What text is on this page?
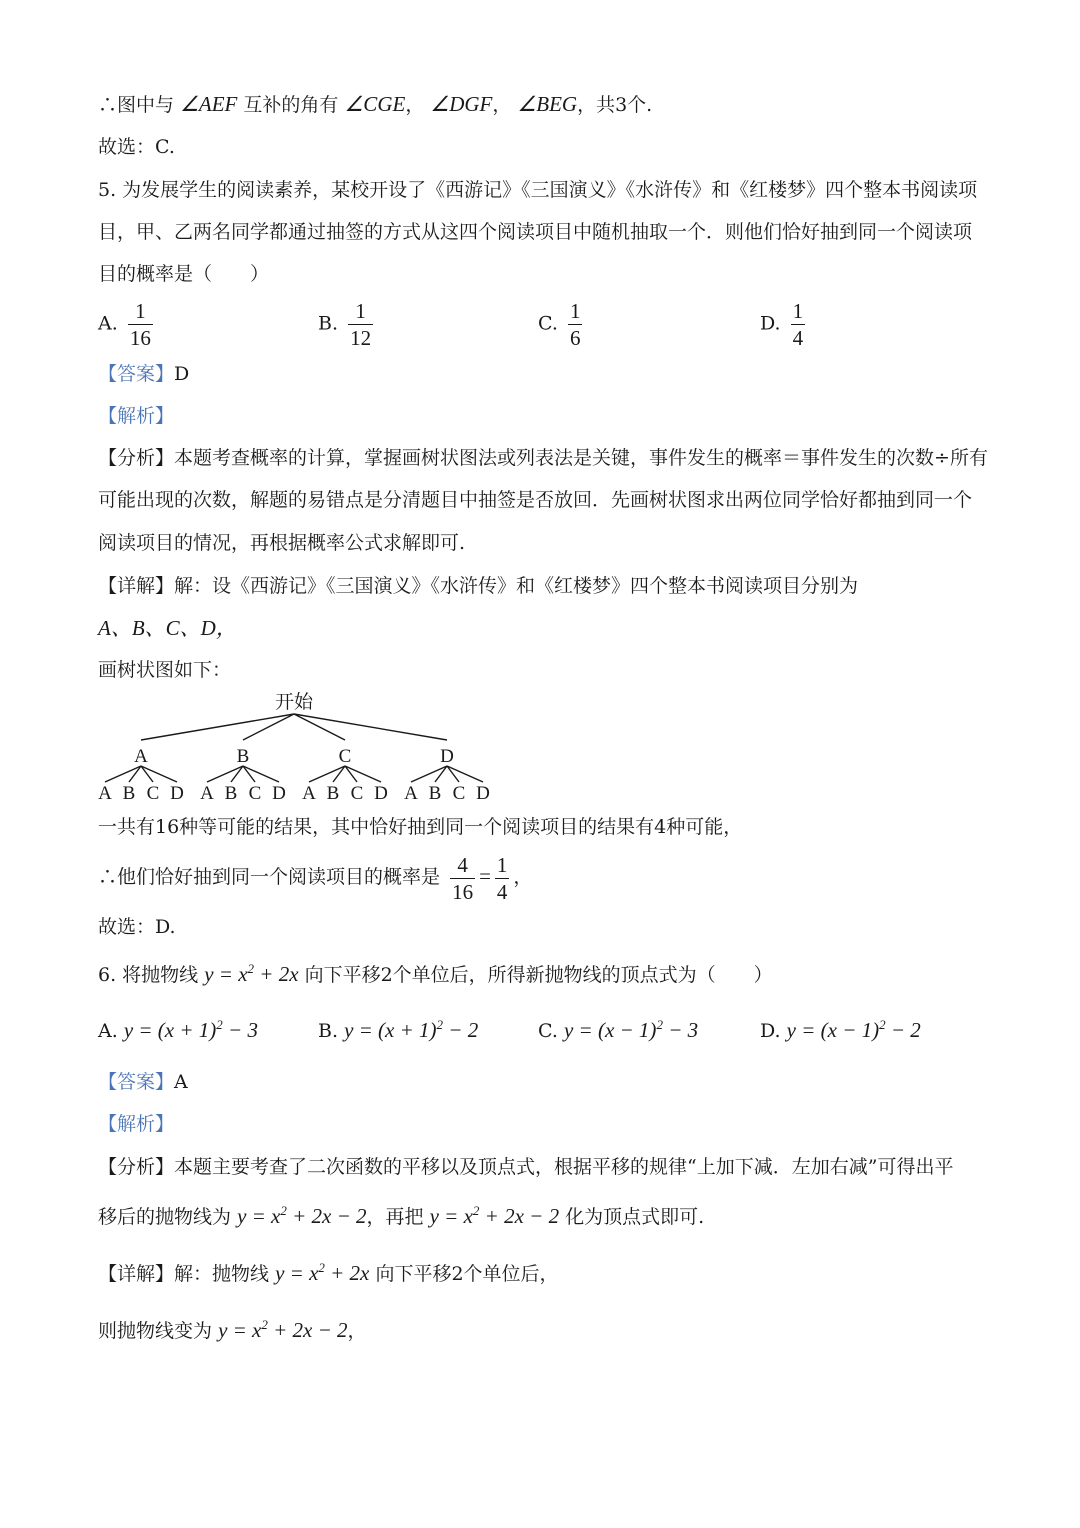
∴图中与 ∠AEF 互补的角有 ∠CGE， ∠DGF， ∠BEG，共3个.
故选：C.
5. 为发展学生的阅读素养，某校开设了《西游记》《三国演义》《水浒传》和《红楼梦》四个整本书阅读项
目，甲、乙两名同学都通过抽签的方式从这四个阅读项目中随机抽取一个．则他们恰好抽到同一个阅读项
目的概率是（　　）
A. $\frac{1}{16}$	B. $\frac{1}{12}$	C. $\frac{1}{6}$	D. $\frac{1}{4}$
【答案】D
【解析】
【分析】本题考查概率的计算，掌握画树状图法或列表法是关键，事件发生的概率＝事件发生的次数÷所有
可能出现的次数，解题的易错点是分清题目中抽签是否放回．先画树状图求出两位同学恰好都抽到同一个
阅读项目的情况，再根据概率公式求解即可.
【详解】解：设《西游记》《三国演义》《水浒传》和《红楼梦》四个整本书阅读项目分别为
A、B、C、D，
画树状图如下：
开始
A	B	C	D
A B C D A B C D A B C D A B C D
一共有16种等可能的结果，其中恰好抽到同一个阅读项目的结果有4种可能，
∴他们恰好抽到同一个阅读项目的概率是 $\frac{4}{16} = \frac{1}{4}$ ，
故选：D.
6. 将抛物线 $y = x^2 + 2x$ 向下平移2个单位后，所得新抛物线的顶点式为（　　）
A. $y = (x + 1)^2 - 3$	B. $y = (x + 1)^2 - 2$	C. $y = (x - 1)^2 - 3$	D. $y = (x - 1)^2 - 2$
【答案】A
【解析】
【分析】本题主要考查了二次函数的平移以及顶点式，根据平移的规律“上加下减．左加右减”可得出平
移后的抛物线为 $y = x^2 + 2x - 2$，再把 $y = x^2 + 2x - 2$ 化为顶点式即可.
【详解】解：抛物线 $y = x^2 + 2x$ 向下平移2个单位后，
则抛物线变为 $y = x^2 + 2x - 2$，
